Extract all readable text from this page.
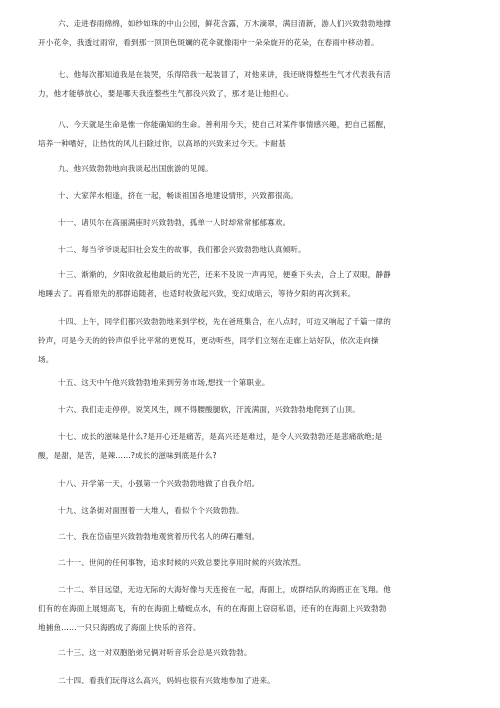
六、走进春雨绵绵，如纱如珠的中山公园，鲜花含露，万木滴翠，满目清新，游人们兴致勃勃地撑
开小花伞，我透过雨帘，看到那一顶顶色斑斓的花伞就像雨中一朵朵旋开的花朵，在春雨中移动着。
七、他每次都知道我是在装哭，乐得陪我一起装冒了，对他来讲，我还晓得整些生气才代表我有活
力，他才能够放心，要是哪天我连整些生气都没兴致了，那才是让他担心。
八、今天就是生命是惟一你能确知的生命。善利用今天，使自己对某件事情感兴趣，把自己摇醒，
培养一种嗜好，让热忱的风儿扫除过你，以高昂的兴致来过今天。卡耐基
九、他兴致勃勃地向我谈起出国旅游的见闻。
十、大家萍水相逢，挤在一起，畅谈祖国各地建设情形，兴致都很高。
十一、诸贝尔在高丽满座时兴致勃勃，孤单一人时却常常郁郁寡欢。
十二、每当爷爷谈起旧社会发生的故事，我们都会兴致勃勃地认真倾听。
十三、渐渐的，夕阳收敛起他最后的光芒，还来不及说一声再见，便垂下头去，合上了双眼，静静
地睡去了。再看原先的那群追随者，也适时收敛起兴致，变幻成暗云，等待夕阳的再次到来。
十四、上午，同学们都兴致勃勃地来到学校，先在爸班集合，在八点时，可边又响起了千篇一律的
铃声，可是今天的的铃声似乎比平常的更悦耳，更动听些，同学们立刻在走廊上站好队，依次走向操
场。
十五、这天中午他兴致勃勃地来到劳务市场,想找一个第职业。
十六、我们走走停停，说笑风生，顾不得腰酸腿软，汗流满面，兴致勃勃地爬到了山顶。
十七、成长的滋味是什么?是开心还是痛苦，是高兴还是难过，是令人兴致勃勃还是悲痛欲绝;是
酸，是甜，是苦，是辣……?成长的滋味到底是什么?
十八、开学第一天，小强第一个兴致勃勃地做了自我介绍。
十九、这条街对面围着一大堆人，看似个个兴致勃勃。
二十、我在岱庙里兴致勃勃地观赏着历代名人的碑石雕刻。
二十一、世间的任何事物，追求时候的兴致总要比享用时候的兴致浓烈。
二十二、举目远望，无边无际的大海好像与天连接在一起，海面上，成群结队的海鸥正在飞翔。他
们有的在海面上展翅高飞，有的在海面上蜻蜓点水，有的在海面上窃窃私语，还有的在海面上兴致勃勃
地捕鱼……一只只海鸥成了海面上快乐的音符。
二十三、这一对双胞胎弟兄俩对听音乐会总是兴致勃勃。
二十四、看我们玩得这么高兴，妈妈也很有兴致地参加了进来。
